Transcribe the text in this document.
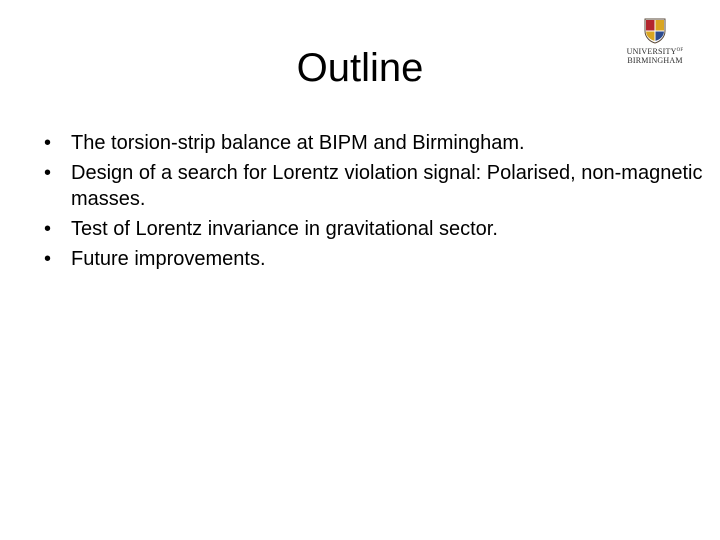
Outline	$UNIVERSITY^{OF}$
BIRMINGHAM
• The torsion-strip balance at BIPM and Birmingham.
• Design of a search for Lorentz violation signal: Polarised, non-magnetic masses.
• Test of Lorentz invariance in gravitational sector.
• Future improvements.
